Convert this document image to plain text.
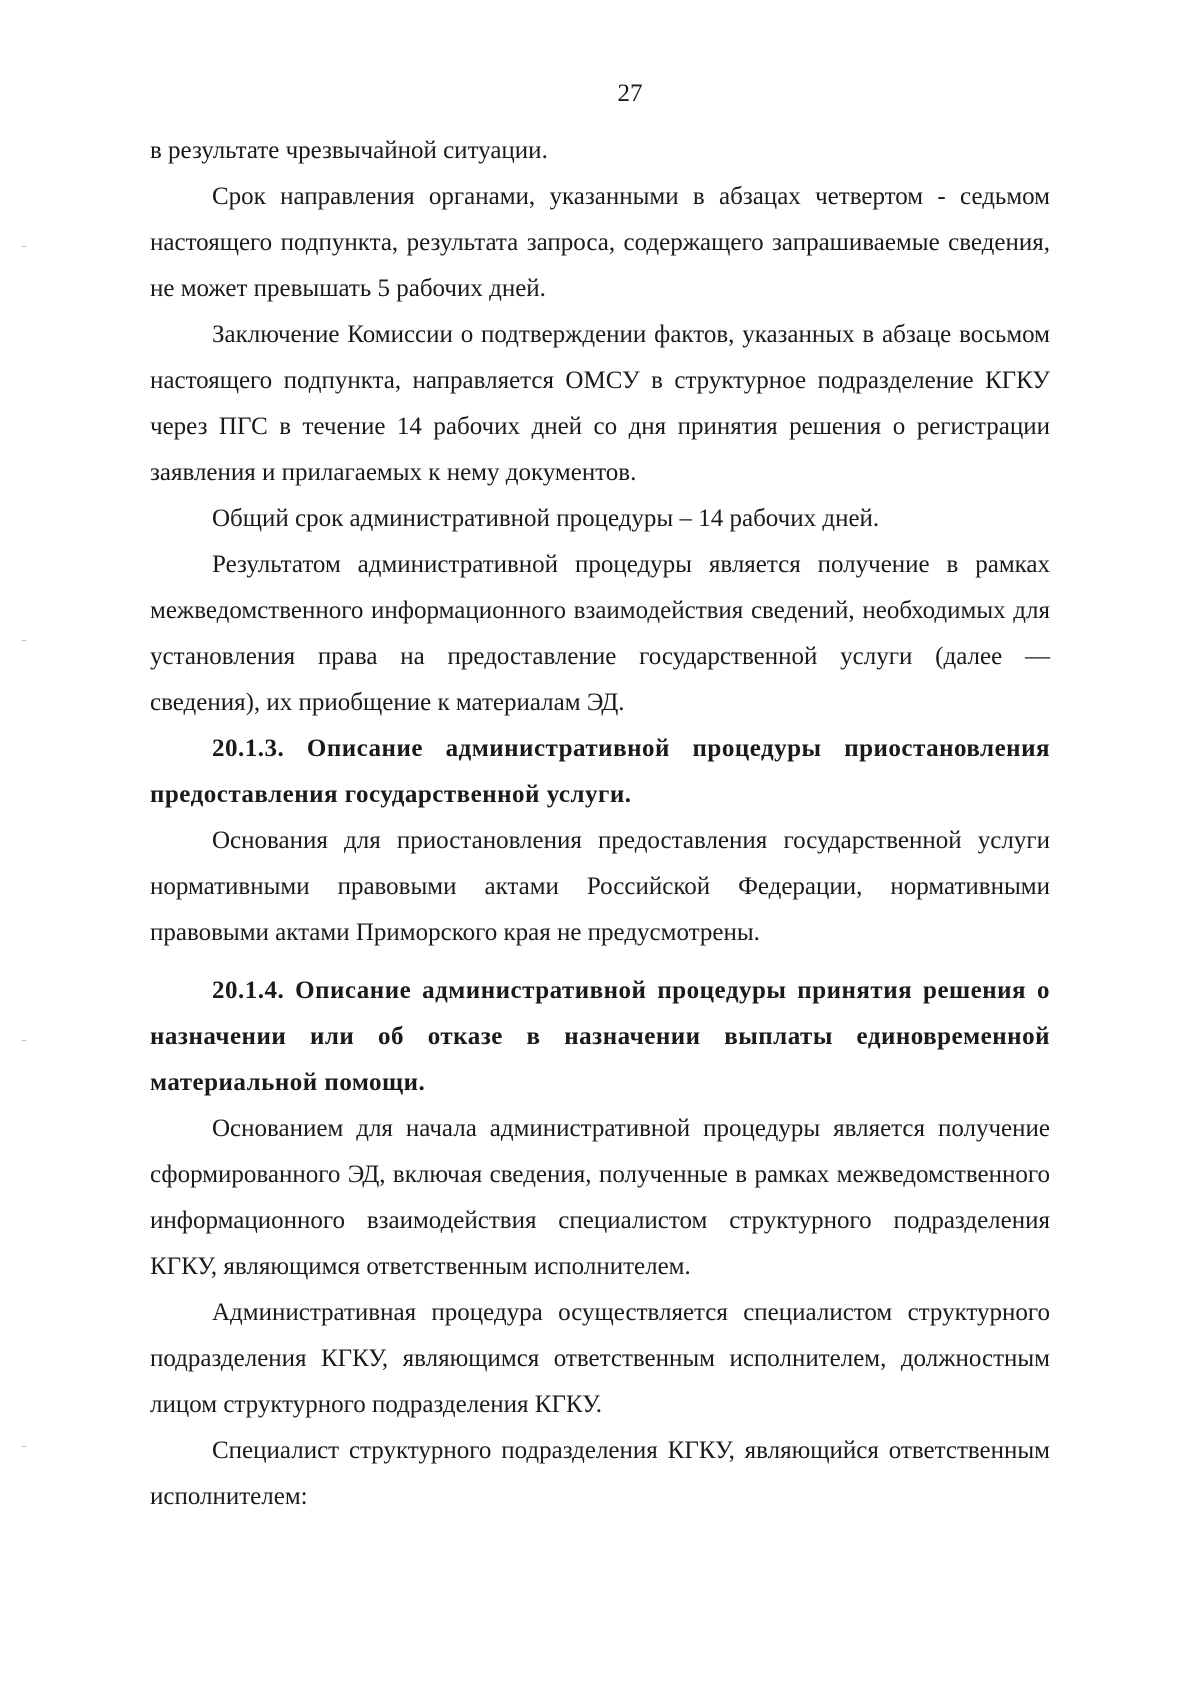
27

в результате чрезвычайной ситуации.

Срок направления органами, указанными в абзацах четвертом - седьмом настоящего подпункта, результата запроса, содержащего запрашиваемые сведения, не может превышать 5 рабочих дней.

Заключение Комиссии о подтверждении фактов, указанных в абзаце восьмом настоящего подпункта, направляется ОМСУ в структурное подразделение КГКУ через ПГС в течение 14 рабочих дней со дня принятия решения о регистрации заявления и прилагаемых к нему документов.

Общий срок административной процедуры – 14 рабочих дней.

Результатом административной процедуры является получение в рамках межведомственного информационного взаимодействия сведений, необходимых для установления права на предоставление государственной услуги (далее — сведения), их приобщение к материалам ЭД.

20.1.3. Описание административной процедуры приостановления предоставления государственной услуги.

Основания для приостановления предоставления государственной услуги нормативными правовыми актами Российской Федерации, нормативными правовыми актами Приморского края не предусмотрены.

20.1.4. Описание административной процедуры принятия решения о назначении или об отказе в назначении выплаты единовременной материальной помощи.

Основанием для начала административной процедуры является получение сформированного ЭД, включая сведения, полученные в рамках межведомственного информационного взаимодействия специалистом структурного подразделения КГКУ, являющимся ответственным исполнителем.

Административная процедура осуществляется специалистом структурного подразделения КГКУ, являющимся ответственным исполнителем, должностным лицом структурного подразделения КГКУ.

Специалист структурного подразделения КГКУ, являющийся ответственным исполнителем:
